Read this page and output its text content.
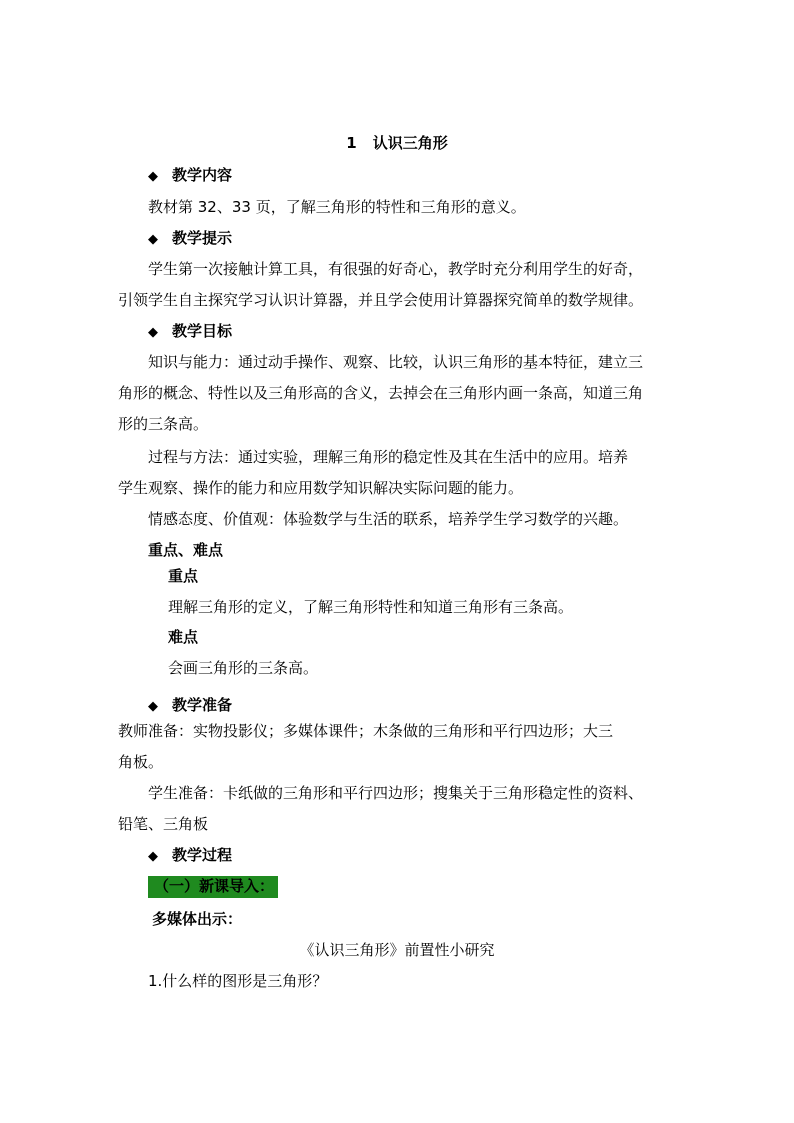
1 认识三角形
◆ 教学内容
教材第 32、33 页，了解三角形的特性和三角形的意义。
◆ 教学提示
学生第一次接触计算工具，有很强的好奇心，教学时充分利用学生的好奇，
引领学生自主探究学习认识计算器，并且学会使用计算器探究简单的数学规律。
◆ 教学目标
知识与能力：通过动手操作、观察、比较，认识三角形的基本特征，建立三
角形的概念、特性以及三角形高的含义，去掉会在三角形内画一条高，知道三角
形的三条高。
过程与方法：通过实验，理解三角形的稳定性及其在生活中的应用。培养
学生观察、操作的能力和应用数学知识解决实际问题的能力。
情感态度、价值观：体验数学与生活的联系，培养学生学习数学的兴趣。
重点、难点
重点
理解三角形的定义，了解三角形特性和知道三角形有三条高。
难点
会画三角形的三条高。
◆ 教学准备
教师准备：实物投影仪；多媒体课件；木条做的三角形和平行四边形；大三
角板。
学生准备：卡纸做的三角形和平行四边形；搜集关于三角形稳定性的资料、
铅笔、三角板
◆ 教学过程
（一）新课导入：
多媒体出示：
《认识三角形》前置性小研究
1.什么样的图形是三角形？
